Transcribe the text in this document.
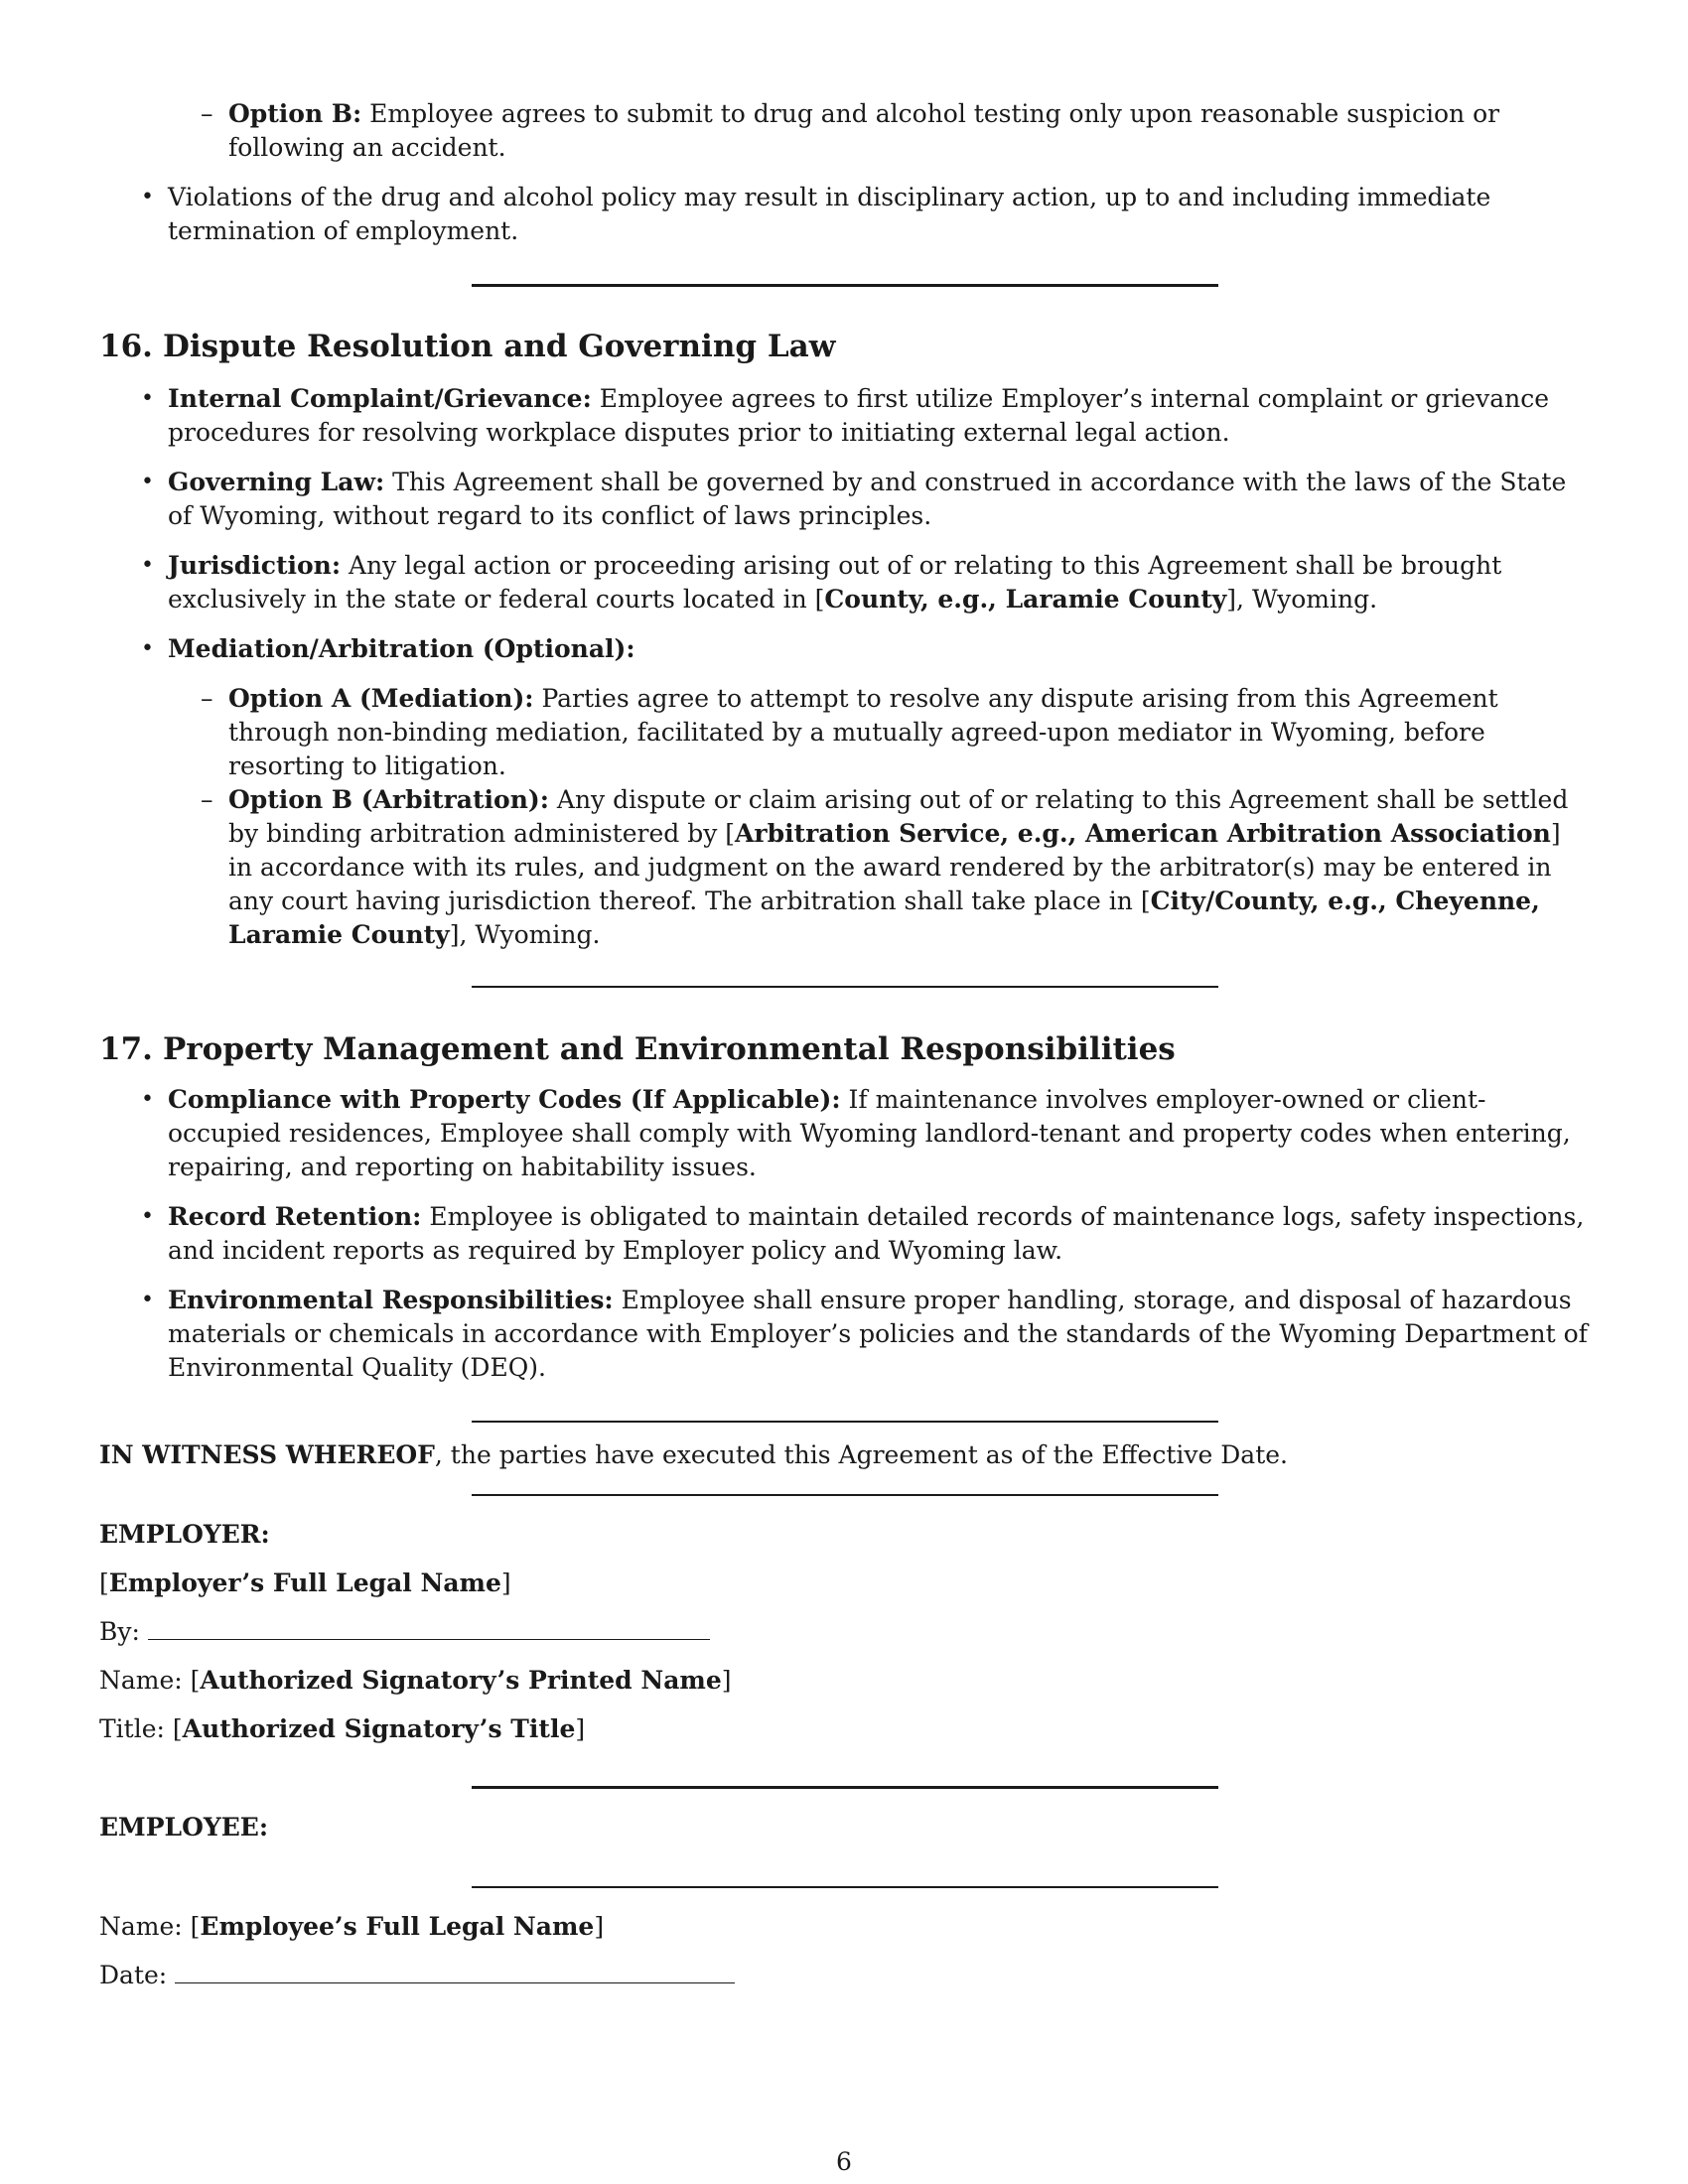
– Option B: Employee agrees to submit to drug and alcohol testing only upon reasonable suspicion or following an accident.
• Violations of the drug and alcohol policy may result in disciplinary action, up to and including immediate termination of employment.
16. Dispute Resolution and Governing Law
• Internal Complaint/Grievance: Employee agrees to first utilize Employer’s internal complaint or grievance procedures for resolving workplace disputes prior to initiating external legal action.
• Governing Law: This Agreement shall be governed by and construed in accordance with the laws of the State of Wyoming, without regard to its conflict of laws principles.
• Jurisdiction: Any legal action or proceeding arising out of or relating to this Agreement shall be brought exclusively in the state or federal courts located in [County, e.g., Laramie County], Wyoming.
• Mediation/Arbitration (Optional):
– Option A (Mediation): Parties agree to attempt to resolve any dispute arising from this Agreement through non-binding mediation, facilitated by a mutually agreed-upon mediator in Wyoming, before resorting to litigation.
– Option B (Arbitration): Any dispute or claim arising out of or relating to this Agreement shall be settled by binding arbitration administered by [Arbitration Service, e.g., American Arbitration Association] in accordance with its rules, and judgment on the award rendered by the arbitrator(s) may be entered in any court having jurisdiction thereof. The arbitration shall take place in [City/County, e.g., Cheyenne, Laramie County], Wyoming.
17. Property Management and Environmental Responsibilities
• Compliance with Property Codes (If Applicable): If maintenance involves employer-owned or client-occupied residences, Employee shall comply with Wyoming landlord-tenant and property codes when entering, repairing, and reporting on habitability issues.
• Record Retention: Employee is obligated to maintain detailed records of maintenance logs, safety inspections, and incident reports as required by Employer policy and Wyoming law.
• Environmental Responsibilities: Employee shall ensure proper handling, storage, and disposal of hazardous materials or chemicals in accordance with Employer’s policies and the standards of the Wyoming Department of Environmental Quality (DEQ).

IN WITNESS WHEREOF, the parties have executed this Agreement as of the Effective Date.

EMPLOYER:

[Employer’s Full Legal Name]

By:

Name: [Authorized Signatory’s Printed Name]

Title: [Authorized Signatory’s Title]

EMPLOYEE:

Name: [Employee’s Full Legal Name]

Date:

6
